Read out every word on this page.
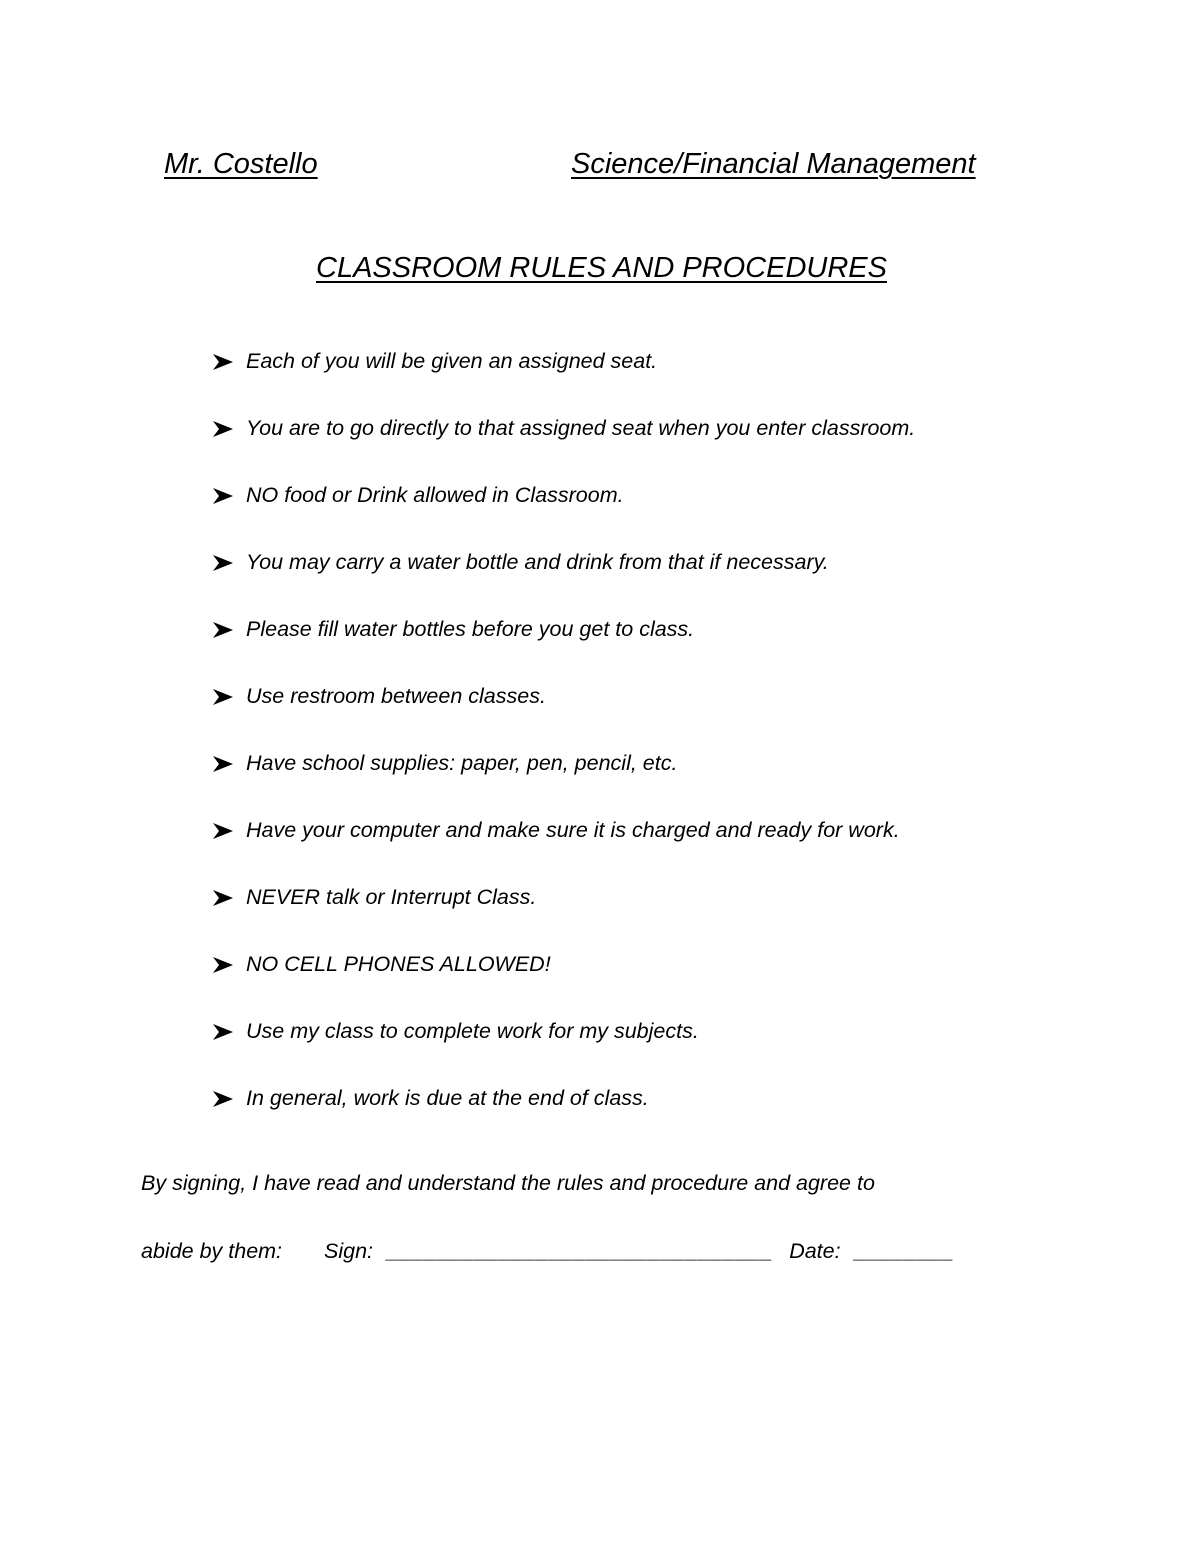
Mr. Costello	Science/Financial Management
CLASSROOM RULES AND PROCEDURES
Each of you will be given an assigned seat.
You are to go directly to that assigned seat when you enter classroom.
NO food or Drink allowed in Classroom.
You may carry a water bottle and drink from that if necessary.
Please fill water bottles before you get to class.
Use restroom between classes.
Have school supplies: paper, pen, pencil, etc.
Have your computer and make sure it is charged and ready for work.
NEVER talk or Interrupt Class.
NO CELL PHONES ALLOWED!
Use my class to complete work for my subjects.
In general, work is due at the end of class.
By signing, I have read and understand the rules and procedure and agree to
abide by them: Sign: _______________________________ Date: ________
